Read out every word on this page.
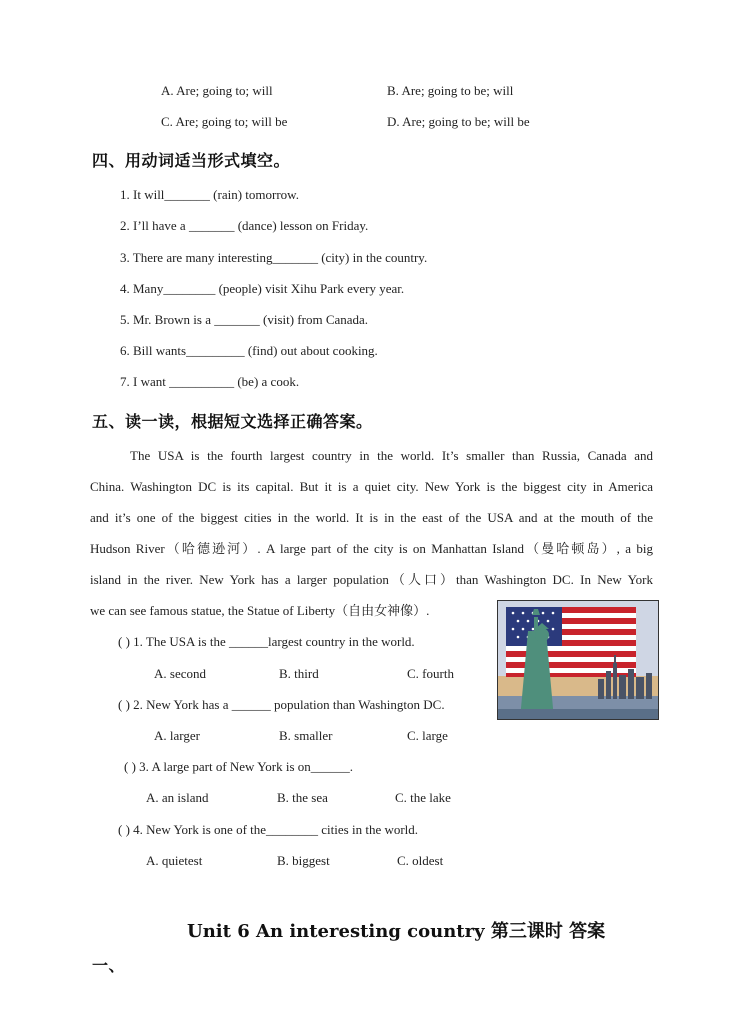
A. Are; going to; will	B. Are; going to be; will
C. Are; going to; will be	D. Are; going to be; will be
四、用动词适当形式填空。
1. It will_______ (rain) tomorrow.
2. I’ll have a _______ (dance) lesson on Friday.
3. There are many interesting_______ (city) in the country.
4. Many________ (people) visit Xihu Park every year.
5. Mr. Brown is a _______ (visit) from Canada.
6. Bill wants_________ (find) out about cooking.
7. I want __________ (be) a cook.
五、读一读，根据短文选择正确答案。
The USA is the fourth largest country in the world. It’s smaller than Russia, Canada and
China. Washington DC is its capital. But it is a quiet city. New York is the biggest city in America
and it’s one of the biggest cities in the world. It is in the east of the USA and at the mouth of the
Hudson River（哈德逊河）. A large part of the city is on Manhattan Island（曼哈顿岛）, a big
island in the river. New York has a larger population（人口）than Washington DC. In New York
we can see famous statue, the Statue of Liberty（自由女神像）.
( ) 1. The USA is the ______largest country in the world.
A. second	B. third	C. fourth
( ) 2. New York has a ______ population than Washington DC.
A. larger	B. smaller	C. large
( ) 3. A large part of New York is on______.
A. an island	B. the sea	C. the lake
( ) 4. New York is one of the________ cities in the world.
A. quietest	B. biggest	C. oldest
Unit 6 An interesting country 第三课时 答案
一、
